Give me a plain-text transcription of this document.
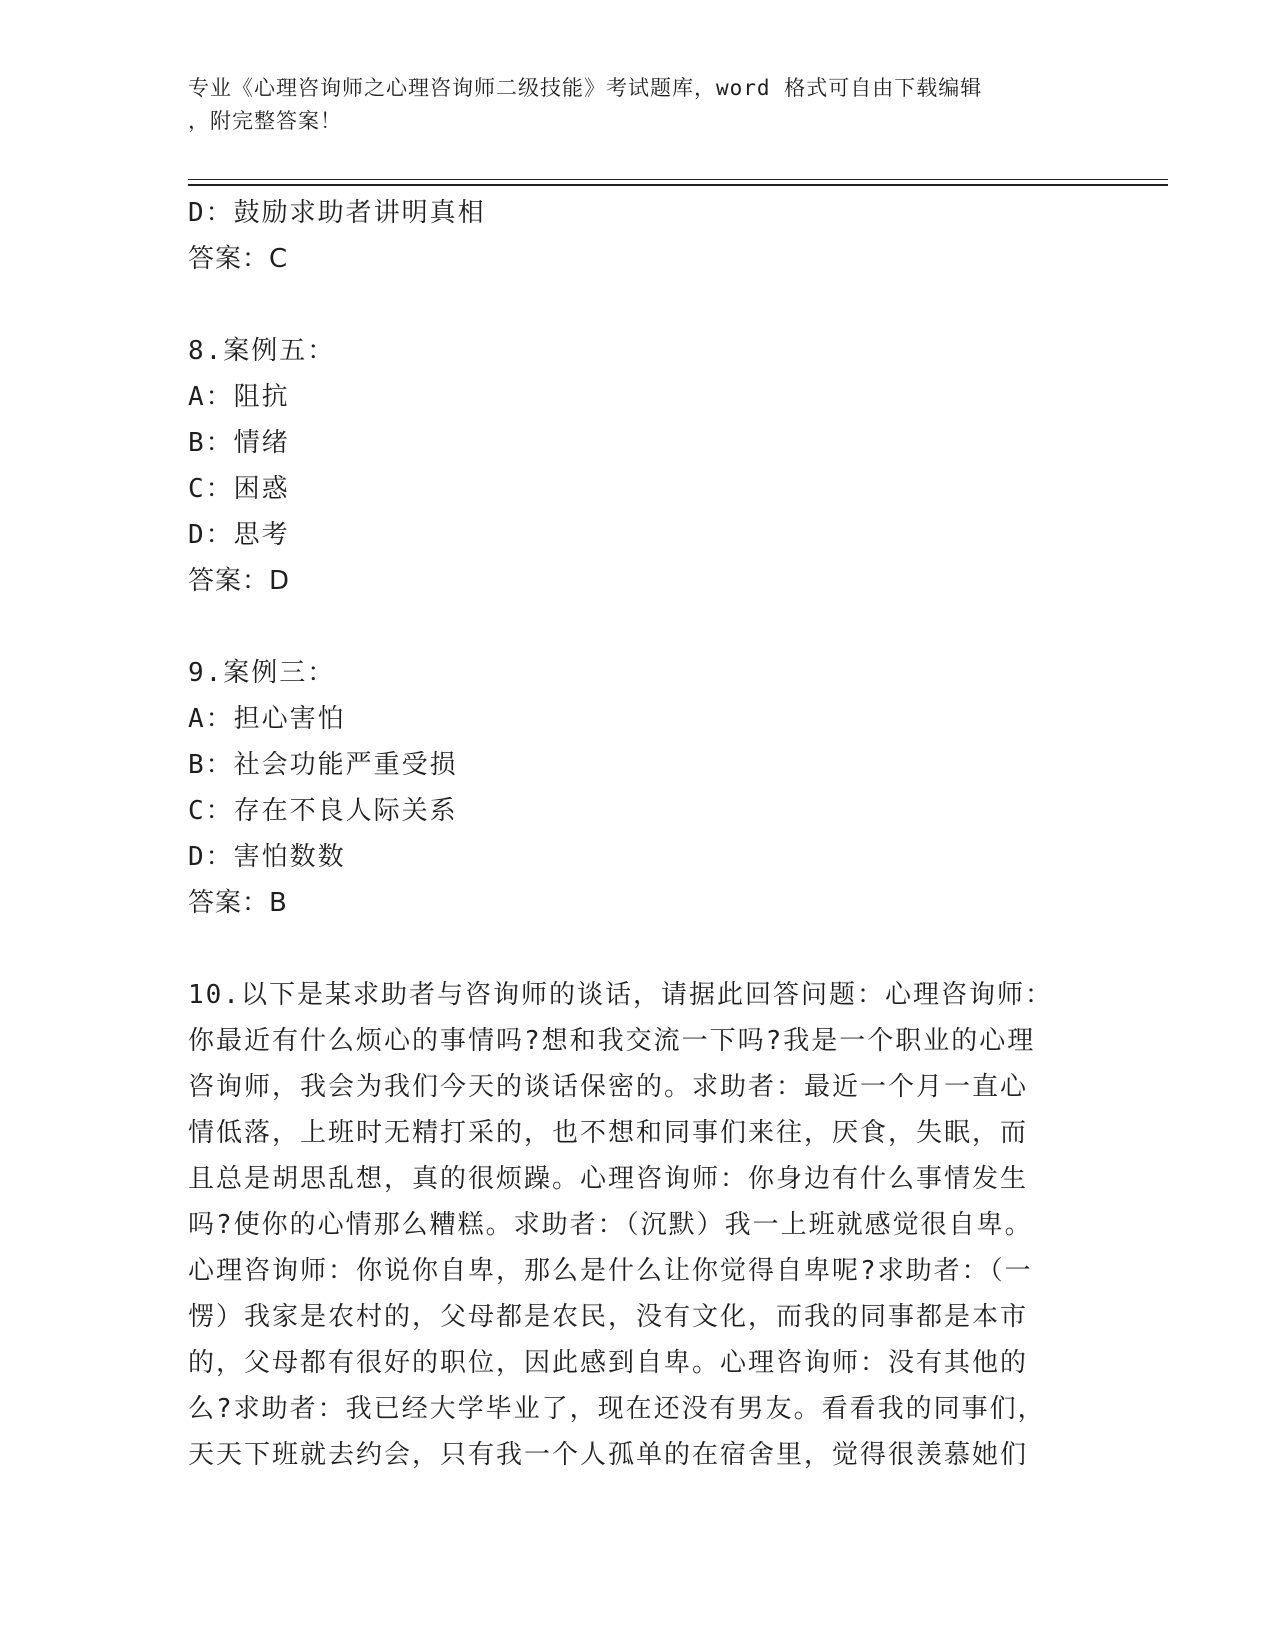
专业《心理咨询师之心理咨询师二级技能》考试题库，word 格式可自由下载编辑
，附完整答案！
D：鼓励求助者讲明真相
答案：C
8.案例五：
A：阻抗
B：情绪
C：困惑
D：思考
答案：D
9.案例三：
A：担心害怕
B：社会功能严重受损
C：存在不良人际关系
D：害怕数数
答案：B
10.以下是某求助者与咨询师的谈话，请据此回答问题：心理咨询师：
你最近有什么烦心的事情吗?想和我交流一下吗?我是一个职业的心理
咨询师，我会为我们今天的谈话保密的。求助者：最近一个月一直心
情低落，上班时无精打采的，也不想和同事们来往，厌食，失眠，而
且总是胡思乱想，真的很烦躁。心理咨询师：你身边有什么事情发生
吗?使你的心情那么糟糕。求助者：（沉默）我一上班就感觉很自卑。
心理咨询师：你说你自卑，那么是什么让你觉得自卑呢?求助者：（一
愣）我家是农村的，父母都是农民，没有文化，而我的同事都是本市
的，父母都有很好的职位，因此感到自卑。心理咨询师：没有其他的
么?求助者：我已经大学毕业了，现在还没有男友。看看我的同事们，
天天下班就去约会，只有我一个人孤单的在宿舍里，觉得很羡慕她们
